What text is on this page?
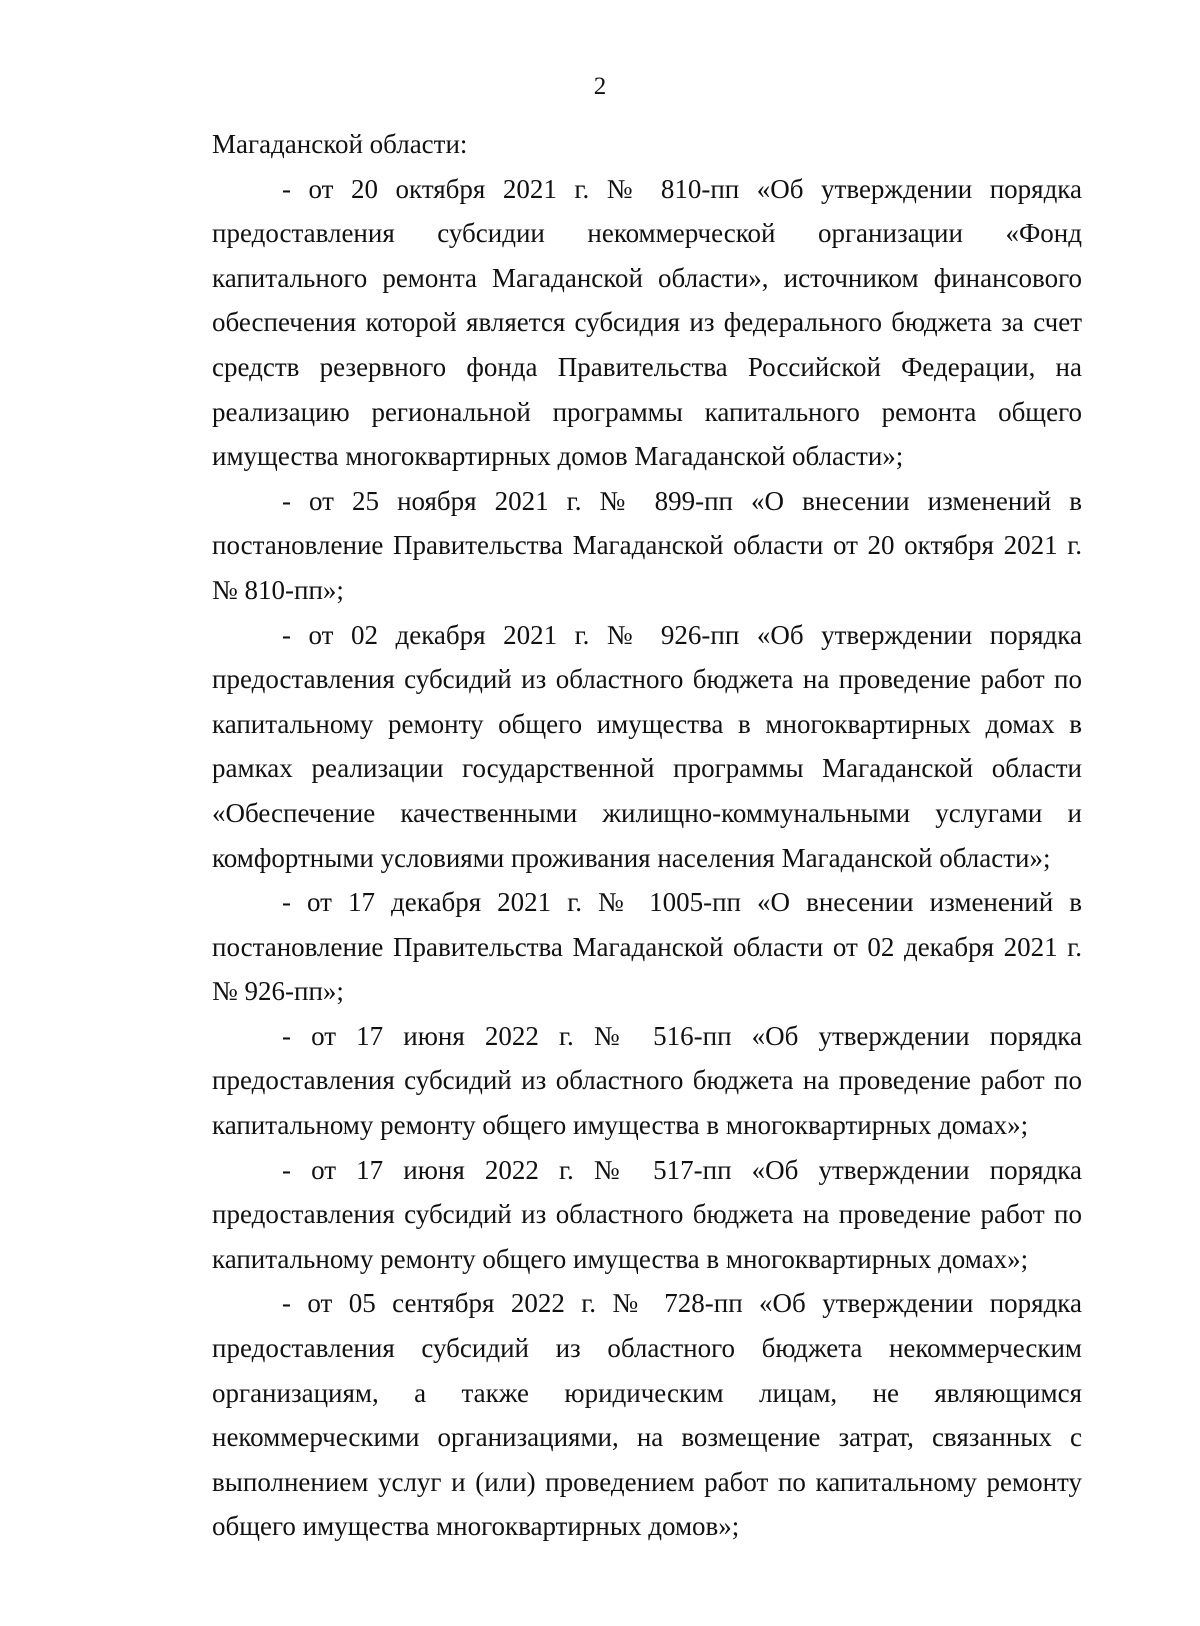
2

Магаданской области:

- от 20 октября 2021 г. № 810-пп «Об утверждении порядка предоставления субсидии некоммерческой организации «Фонд капитального ремонта Магаданской области», источником финансового обеспечения которой является субсидия из федерального бюджета за счет средств резервного фонда Правительства Российской Федерации, на реализацию региональной программы капитального ремонта общего имущества многоквартирных домов Магаданской области»;

- от 25 ноября 2021 г. № 899-пп «О внесении изменений в постановление Правительства Магаданской области от 20 октября 2021 г. № 810-пп»;

- от 02 декабря 2021 г. № 926-пп «Об утверждении порядка предоставления субсидий из областного бюджета на проведение работ по капитальному ремонту общего имущества в многоквартирных домах в рамках реализации государственной программы Магаданской области «Обеспечение качественными жилищно-коммунальными услугами и комфортными условиями проживания населения Магаданской области»;

- от 17 декабря 2021 г. № 1005-пп «О внесении изменений в постановление Правительства Магаданской области от 02 декабря 2021 г. № 926-пп»;

- от 17 июня 2022 г. № 516-пп «Об утверждении порядка предоставления субсидий из областного бюджета на проведение работ по капитальному ремонту общего имущества в многоквартирных домах»;

- от 17 июня 2022 г. № 517-пп «Об утверждении порядка предоставления субсидий из областного бюджета на проведение работ по капитальному ремонту общего имущества в многоквартирных домах»;

- от 05 сентября 2022 г. № 728-пп «Об утверждении порядка предоставления субсидий из областного бюджета некоммерческим организациям, а также юридическим лицам, не являющимся некоммерческими организациями, на возмещение затрат, связанных с выполнением услуг и (или) проведением работ по капитальному ремонту общего имущества многоквартирных домов»;
